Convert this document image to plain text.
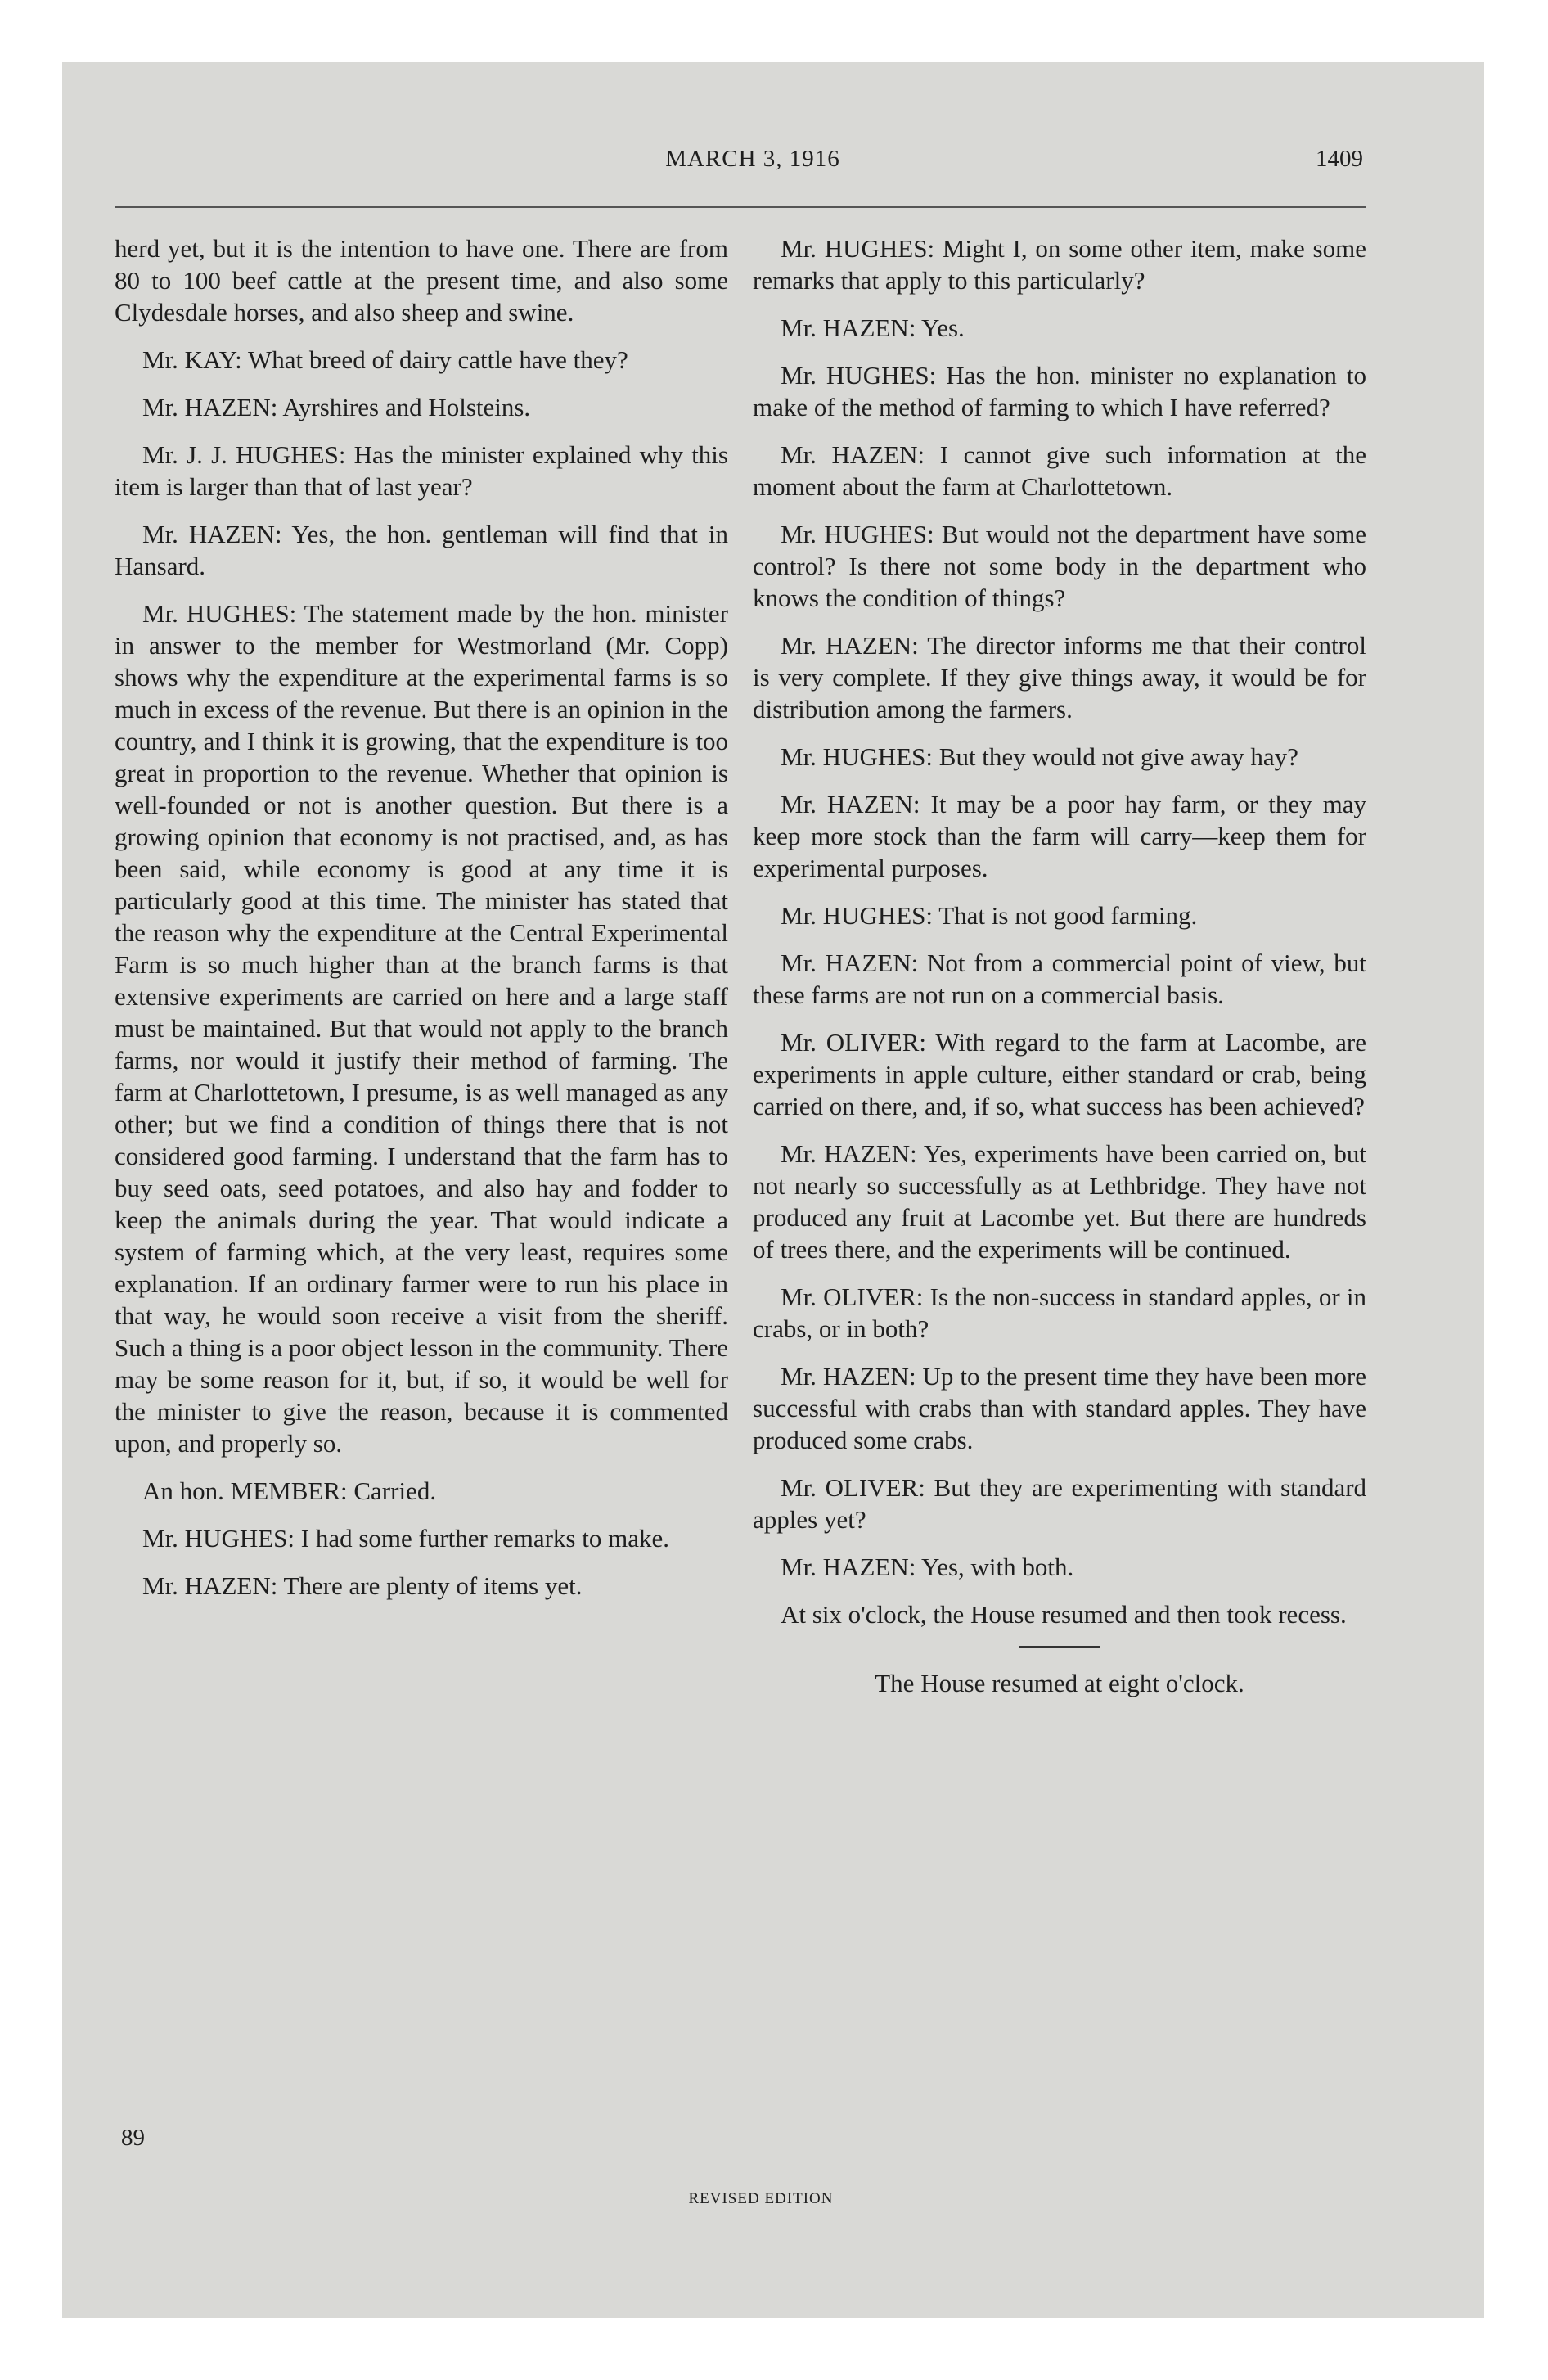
MARCH 3, 1916	1409

herd yet, but it is the intention to have one. There are from 80 to 100 beef cattle at the present time, and also some Clydesdale horses, and also sheep and swine.

Mr. KAY: What breed of dairy cattle have they?

Mr. HAZEN: Ayrshires and Holsteins.

Mr. J. J. HUGHES: Has the minister explained why this item is larger than that of last year?

Mr. HAZEN: Yes, the hon. gentleman will find that in Hansard.

Mr. HUGHES: The statement made by the hon. minister in answer to the member for Westmorland (Mr. Copp) shows why the expenditure at the experimental farms is so much in excess of the revenue. But there is an opinion in the country, and I think it is growing, that the expenditure is too great in proportion to the revenue. Whether that opinion is well-founded or not is another question. But there is a growing opinion that economy is not practised, and, as has been said, while economy is good at any time it is particularly good at this time. The minister has stated that the reason why the expenditure at the Central Experimental Farm is so much higher than at the branch farms is that extensive experiments are carried on here and a large staff must be maintained. But that would not apply to the branch farms, nor would it justify their method of farming. The farm at Charlottetown, I presume, is as well managed as any other; but we find a condition of things there that is not considered good farming. I understand that the farm has to buy seed oats, seed potatoes, and also hay and fodder to keep the animals during the year. That would indicate a system of farming which, at the very least, requires some explanation. If an ordinary farmer were to run his place in that way, he would soon receive a visit from the sheriff. Such a thing is a poor object lesson in the community. There may be some reason for it, but, if so, it would be well for the minister to give the reason, because it is commented upon, and properly so.

An hon. MEMBER: Carried.

Mr. HUGHES: I had some further remarks to make.

Mr. HAZEN: There are plenty of items yet.

Mr. HUGHES: Might I, on some other item, make some remarks that apply to this particularly?

Mr. HAZEN: Yes.

Mr. HUGHES: Has the hon. minister no explanation to make of the method of farming to which I have referred?

Mr. HAZEN: I cannot give such information at the moment about the farm at Charlottetown.

Mr. HUGHES: But would not the department have some control? Is there not some body in the department who knows the condition of things?

Mr. HAZEN: The director informs me that their control is very complete. If they give things away, it would be for distribution among the farmers.

Mr. HUGHES: But they would not give away hay?

Mr. HAZEN: It may be a poor hay farm, or they may keep more stock than the farm will carry—keep them for experimental purposes.

Mr. HUGHES: That is not good farming.

Mr. HAZEN: Not from a commercial point of view, but these farms are not run on a commercial basis.

Mr. OLIVER: With regard to the farm at Lacombe, are experiments in apple culture, either standard or crab, being carried on there, and, if so, what success has been achieved?

Mr. HAZEN: Yes, experiments have been carried on, but not nearly so successfully as at Lethbridge. They have not produced any fruit at Lacombe yet. But there are hundreds of trees there, and the experiments will be continued.

Mr. OLIVER: Is the non-success in standard apples, or in crabs, or in both?

Mr. HAZEN: Up to the present time they have been more successful with crabs than with standard apples. They have produced some crabs.

Mr. OLIVER: But they are experimenting with standard apples yet?

Mr. HAZEN: Yes, with both.

At six o'clock, the House resumed and then took recess.

The House resumed at eight o'clock.

89
REVISED EDITION
